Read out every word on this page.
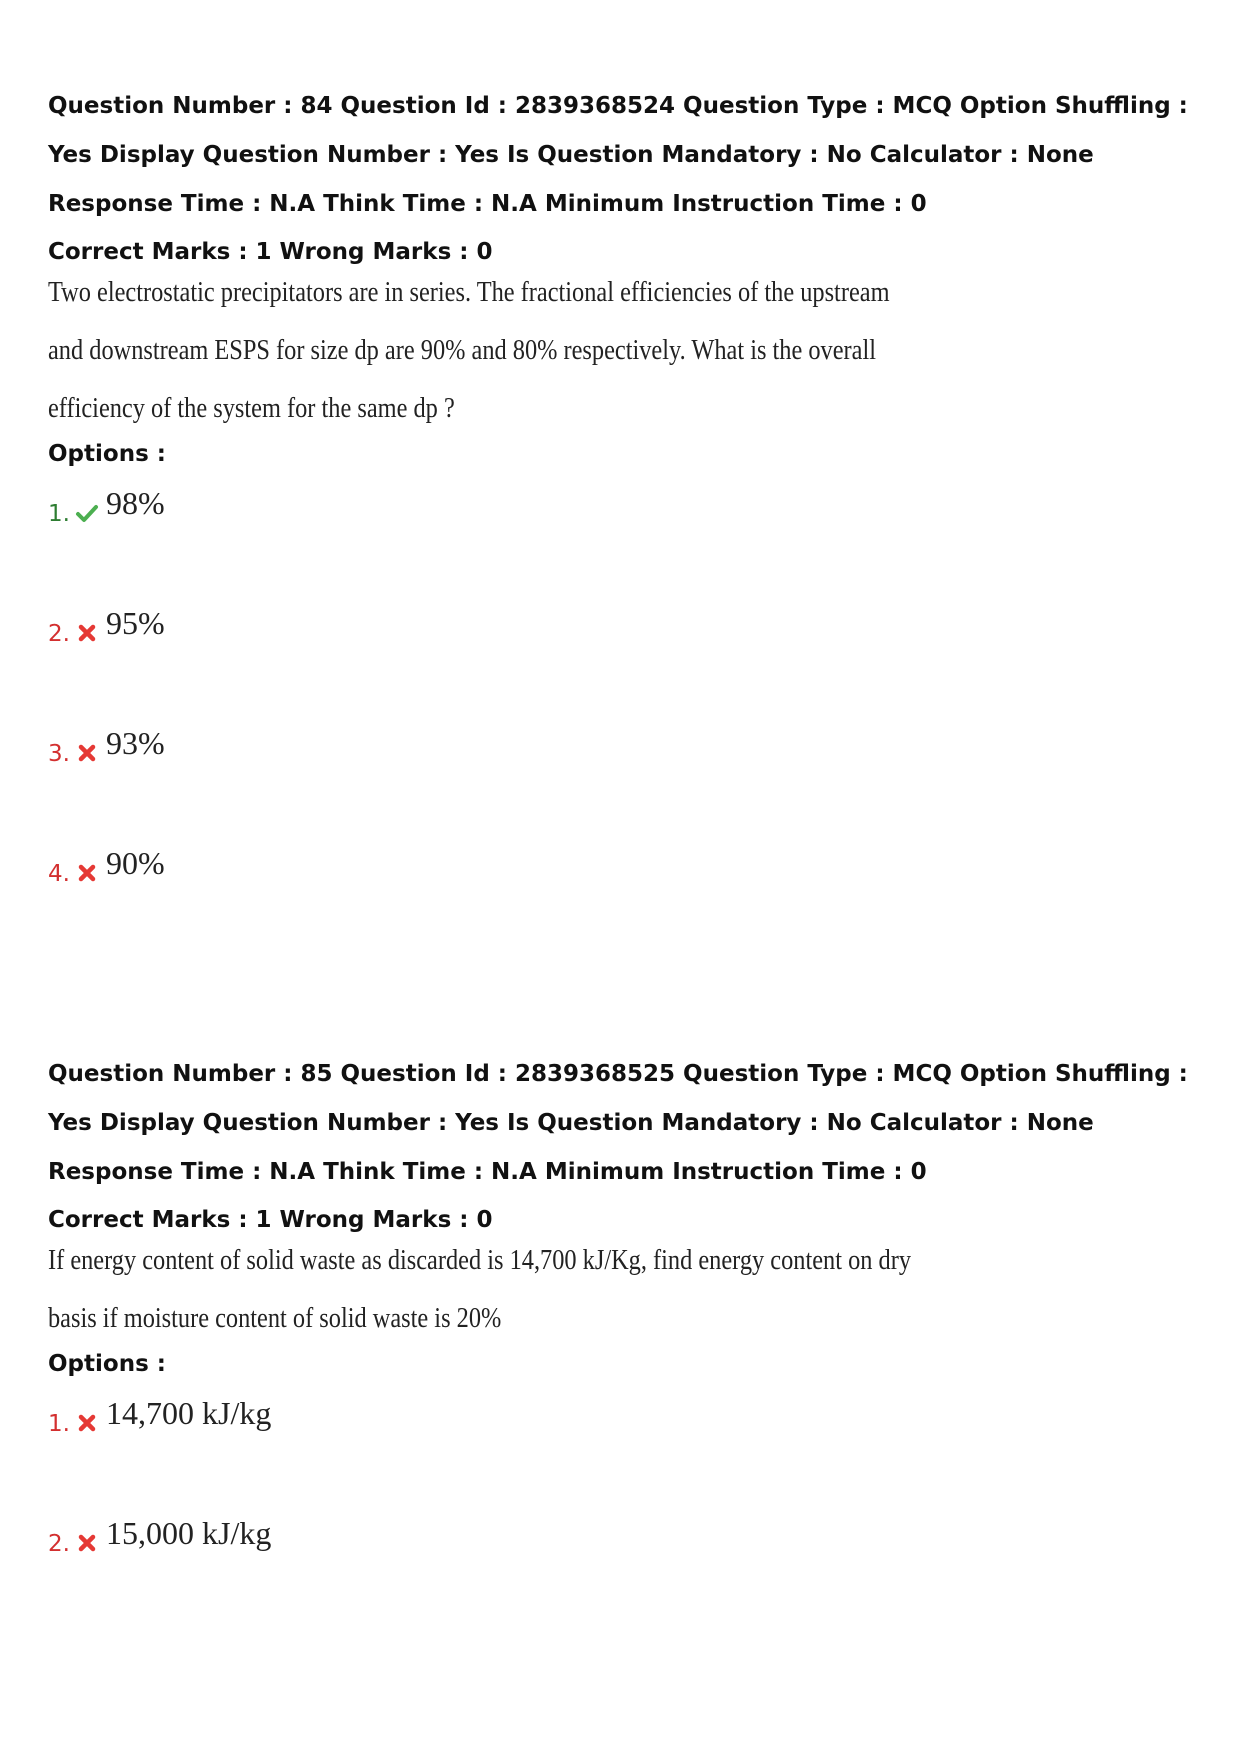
Question Number : 84 Question Id : 2839368524 Question Type : MCQ Option Shuffling : Yes Display Question Number : Yes Is Question Mandatory : No Calculator : None Response Time : N.A Think Time : N.A Minimum Instruction Time : 0

Correct Marks : 1 Wrong Marks : 0
Two electrostatic precipitators are in series. The fractional efficiencies of the upstream and downstream ESPS for size dp are 90% and 80% respectively. What is the overall efficiency of the system for the same dp ?
Options :
1. 98%
2. 95%
3. 93%
4. 90%

Question Number : 85 Question Id : 2839368525 Question Type : MCQ Option Shuffling : Yes Display Question Number : Yes Is Question Mandatory : No Calculator : None Response Time : N.A Think Time : N.A Minimum Instruction Time : 0

Correct Marks : 1 Wrong Marks : 0
If energy content of solid waste as discarded is 14,700 kJ/Kg, find energy content on dry basis if moisture content of solid waste is 20%
Options :
1. 14,700 kJ/kg
2. 15,000 kJ/kg
